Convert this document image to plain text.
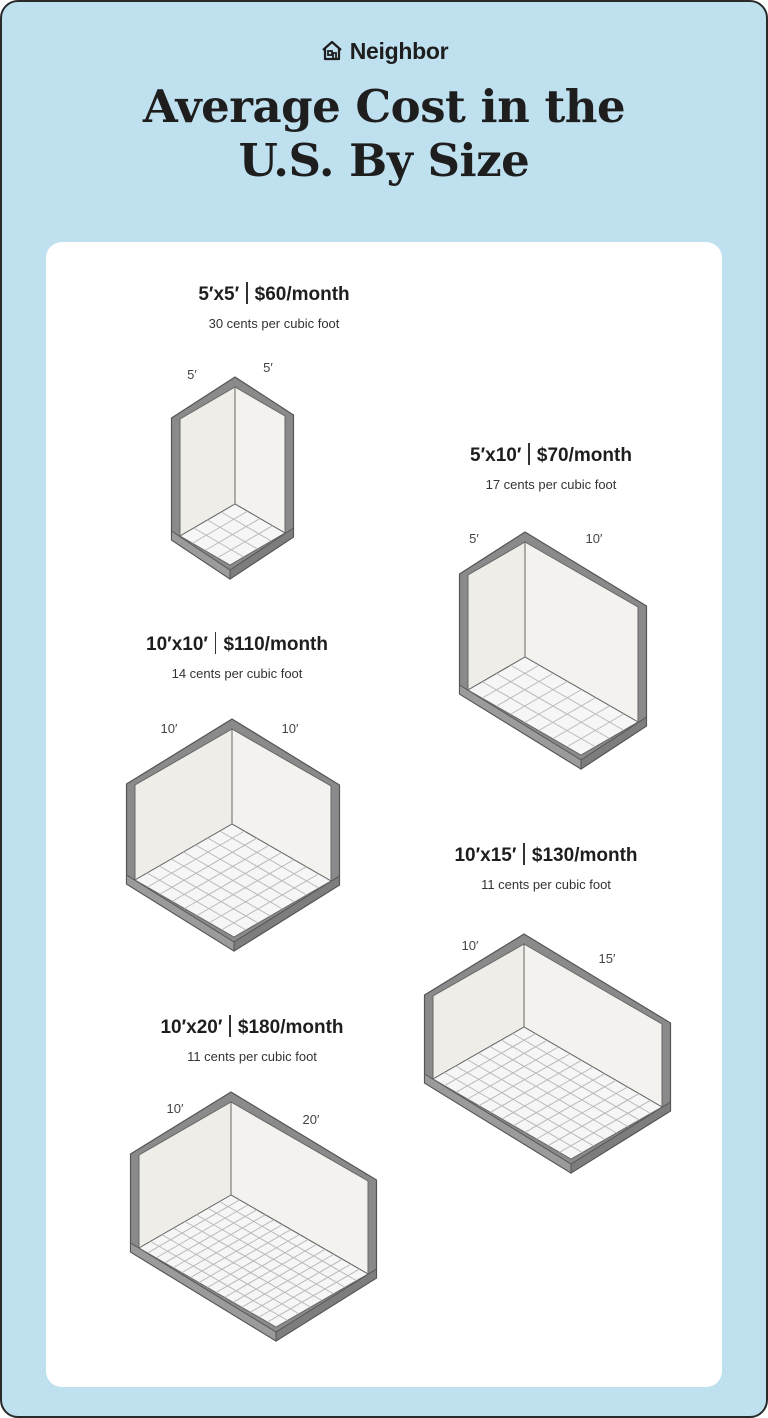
Neighbor
Average Cost in the
U.S. By Size
5′x5′ $60/month
30 cents per cubic foot
5′x10′ $70/month
17 cents per cubic foot
10′x10′ $110/month
14 cents per cubic foot
10′x15′ $130/month
11 cents per cubic foot
10′x20′ $180/month
11 cents per cubic foot
5′	5′
5′	10′
10′	10′
10′
15′
10′
20′
